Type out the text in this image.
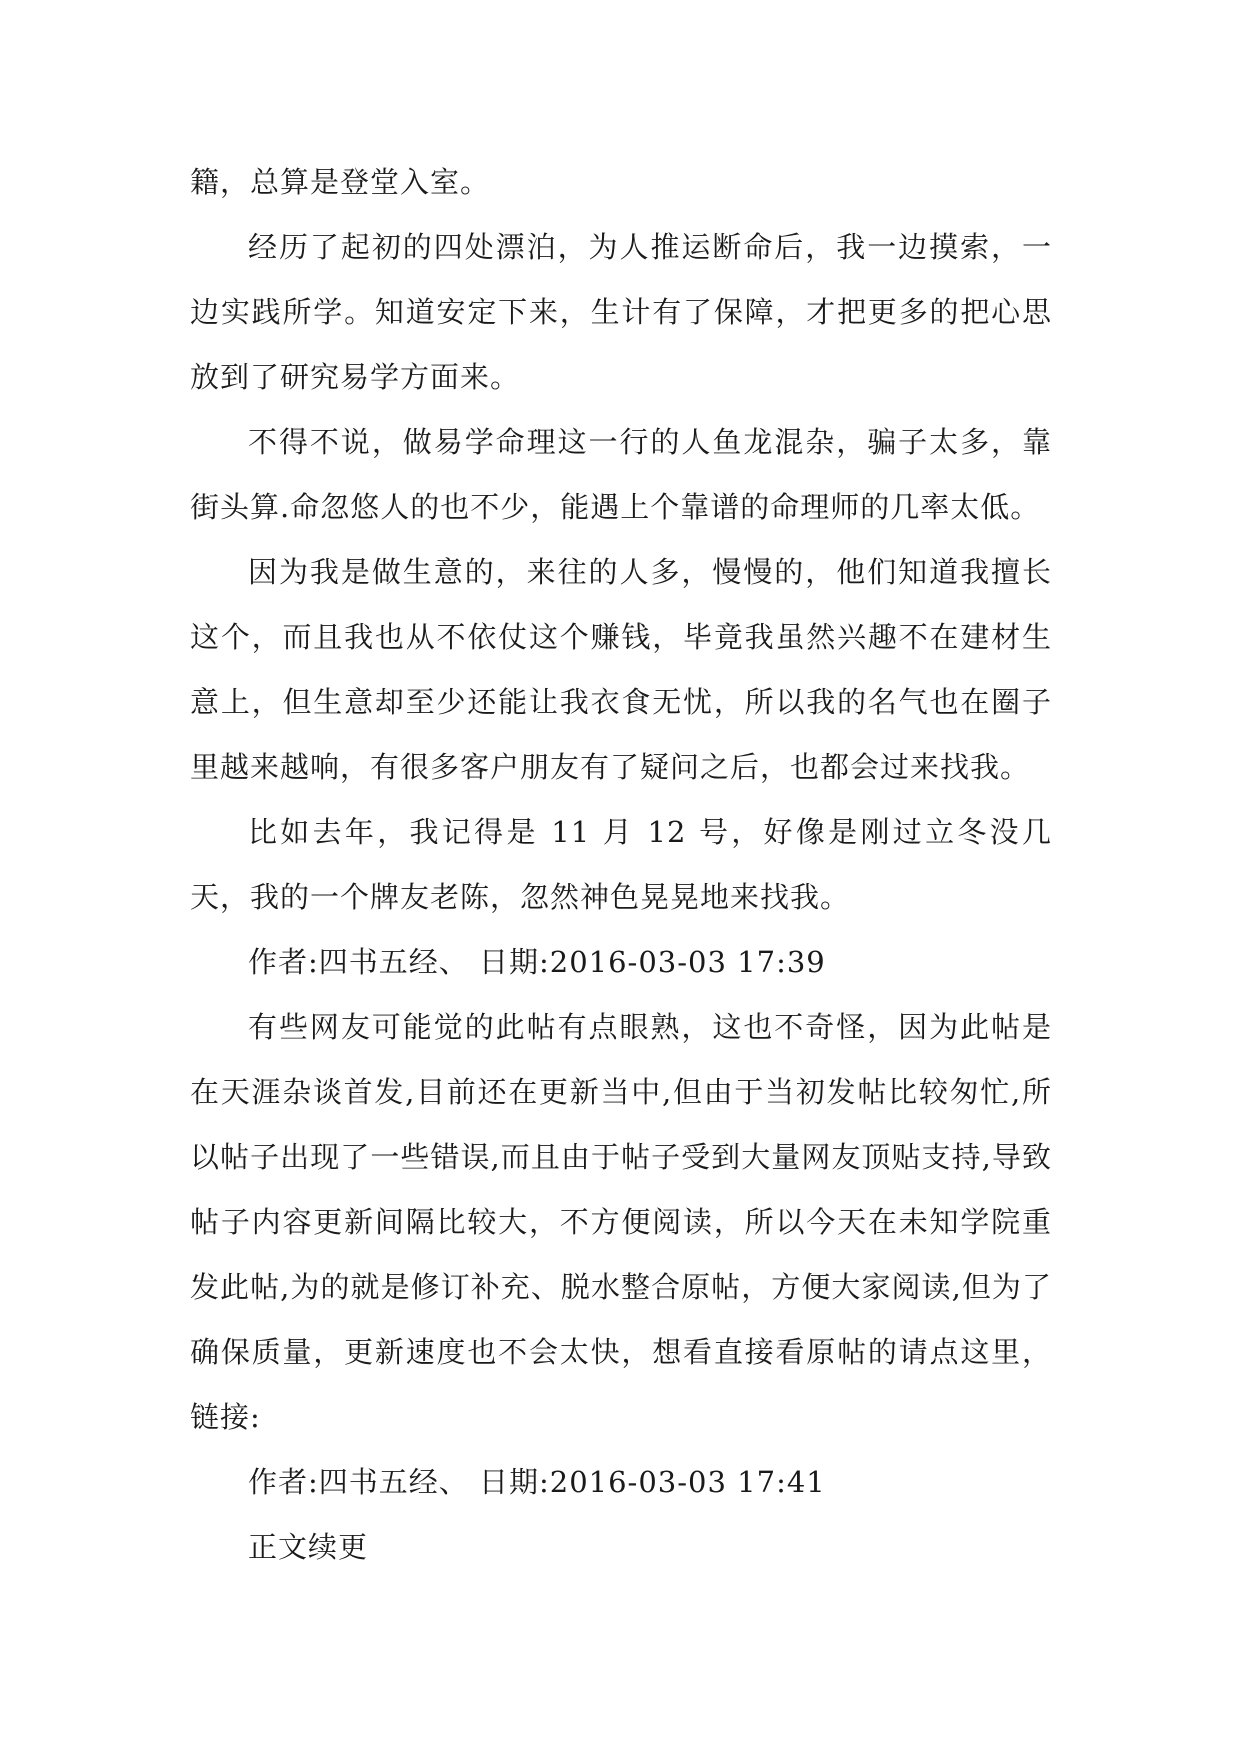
籍，总算是登堂入室。

经历了起初的四处漂泊，为人推运断命后，我一边摸索，一边实践所学。知道安定下来，生计有了保障，才把更多的把心思放到了研究易学方面来。

不得不说，做易学命理这一行的人鱼龙混杂，骗子太多，靠街头算.命忽悠人的也不少，能遇上个靠谱的命理师的几率太低。

因为我是做生意的，来往的人多，慢慢的，他们知道我擅长这个，而且我也从不依仗这个赚钱，毕竟我虽然兴趣不在建材生意上，但生意却至少还能让我衣食无忧，所以我的名气也在圈子里越来越响，有很多客户朋友有了疑问之后，也都会过来找我。

比如去年，我记得是 11 月 12 号，好像是刚过立冬没几天，我的一个牌友老陈，忽然神色晃晃地来找我。

作者:四书五经、 日期:2016-03-03 17:39

有些网友可能觉的此帖有点眼熟，这也不奇怪，因为此帖是在天涯杂谈首发,目前还在更新当中,但由于当初发帖比较匆忙,所以帖子出现了一些错误,而且由于帖子受到大量网友顶贴支持,导致帖子内容更新间隔比较大，不方便阅读，所以今天在未知学院重发此帖,为的就是修订补充、脱水整合原帖，方便大家阅读,但为了确保质量，更新速度也不会太快，想看直接看原帖的请点这里，链接:

作者:四书五经、 日期:2016-03-03 17:41

正文续更
